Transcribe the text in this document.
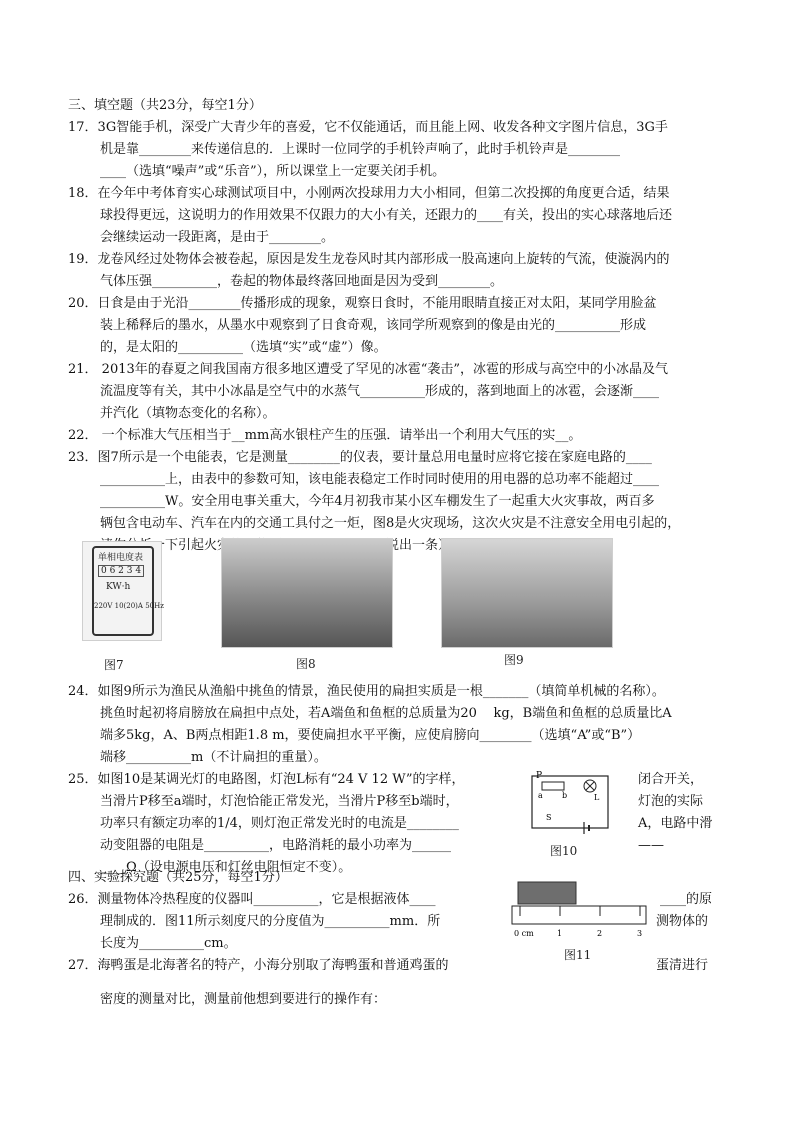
三、填空题（共23分，每空1分）
17．3G智能手机，深受广大青少年的喜爱，它不仅能通话，而且能上网、收发各种文字图片信息，3G手
机是靠________来传递信息的．上课时一位同学的手机铃声响了，此时手机铃声是________
____（选填“噪声”或“乐音”），所以课堂上一定要关闭手机。
18．在今年中考体育实心球测试项目中，小刚两次投球用力大小相同，但第二次投掷的角度更合适，结果
球投得更远，这说明力的作用效果不仅跟力的大小有关，还跟力的____有关，投出的实心球落地后还
会继续运动一段距离，是由于________。
19．龙卷风经过处物体会被卷起，原因是发生龙卷风时其内部形成一股高速向上旋转的气流，使漩涡内的
气体压强__________，卷起的物体最终落回地面是因为受到________。
20．日食是由于光沿________传播形成的现象，观察日食时，不能用眼睛直接正对太阳，某同学用脸盆
装上稀释后的墨水，从墨水中观察到了日食奇观，该同学所观察到的像是由光的__________形成
的，是太阳的__________（选填“实”或“虚”）像。
21． 2013年的春夏之间我国南方很多地区遭受了罕见的冰雹“袭击”，冰雹的形成与高空中的小冰晶及气
流温度等有关，其中小冰晶是空气中的水蒸气__________形成的，落到地面上的冰雹，会逐渐____
并汽化（填物态变化的名称）。
22． 一个标准大气压相当于__mm高水银柱产生的压强．请举出一个利用大气压的实__。
23．图7所示是一个电能表，它是测量________的仪表，要计量总用电量时应将它接在家庭电路的____
__________上，由表中的参数可知，该电能表稳定工作时同时使用的用电器的总功率不能超过____
__________W。安全用电事关重大，今年4月初我市某小区车棚发生了一起重大火灾事故，两百多
辆包含电动车、汽车在内的交通工具付之一炬，图8是火灾现场，这次火灾是不注意安全用电引起的，
单相电度表
0 6 2 3 4
KW·h
220V 10(20)A 50Hz
图7	图8	图9
24．如图9所示为渔民从渔船中挑鱼的情景，渔民使用的扁担实质是一根_______（填简单机械的名称）。
挑鱼时起初将肩膀放在扁担中点处，若A端鱼和鱼框的总质量为20    kg，B端鱼和鱼框的总质量比A
端多5kg，A、B两点相距1.8 m，要使扁担水平平衡，应使肩膀向________（选填“A”或“B”）
端移__________m（不计扁担的重量）。
25．如图10是某调光灯的电路图，灯泡L标有“24 V 12 W”的字样，
当滑片P移至a端时，灯泡恰能正常发光，当滑片P移至b端时，
功率只有额定功率的1/4，则灯泡正常发光时的电流是________
动变阻器的电阻是__________，电路消耗的最小功率为______
____Ω（设电源电压和灯丝电阻恒定不变）。
闭合开关，
灯泡的实际
A，电路中滑
——
P
a b	L
S
图10
四、实验探究题（共25分，每空1分）
26．测量物体冷热程度的仪器叫__________，它是根据液体____
理制成的．图11所示刻度尺的分度值为__________mm．所
长度为__________cm。
____的原
测物体的
0 cm	1	2	3
图11
27．海鸭蛋是北海著名的特产，小海分别取了海鸭蛋和普通鸡蛋的	蛋清进行
密度的测量对比，测量前他想到要进行的操作有：
